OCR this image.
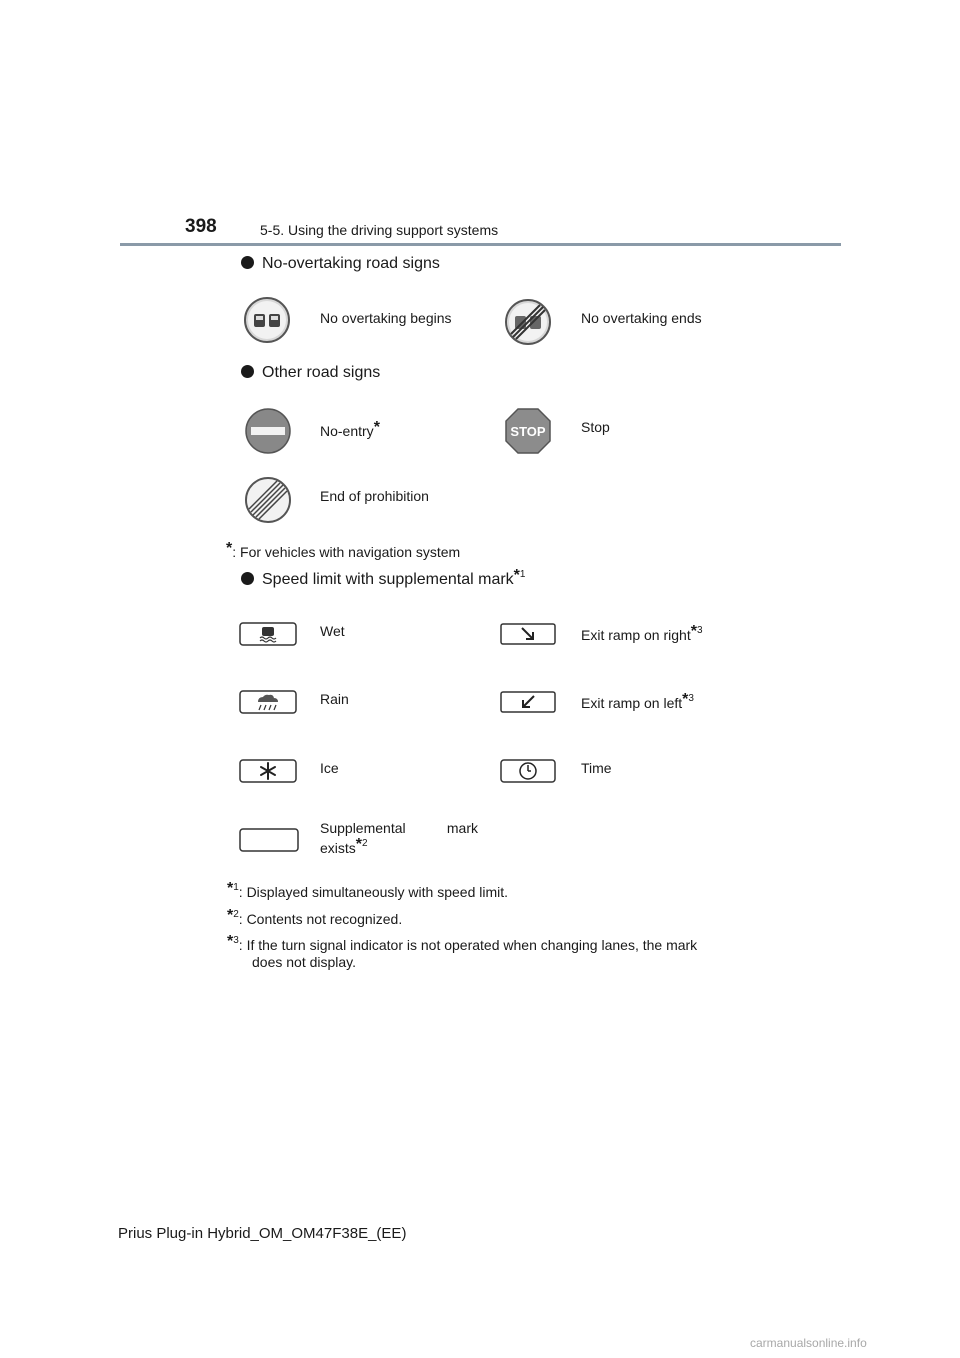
398	5-5. Using the driving support systems
No-overtaking road signs
No overtaking begins	No overtaking ends
Other road signs
No-entry*	STOP	Stop
End of prohibition
*: For vehicles with navigation system
Speed limit with supplemental mark*$^1$
Wet	Exit ramp on right*$^3$
Rain	Exit ramp on left*$^3$
Ice	Time
Supplemental mark
exists*$^2$
*$^1$: Displayed simultaneously with speed limit.
*$^2$: Contents not recognized.
*$^3$: If the turn signal indicator is not operated when changing lanes, the mark
does not display.
Prius Plug-in Hybrid_OM_OM47F38E_(EE)
carmanualsonline.info
